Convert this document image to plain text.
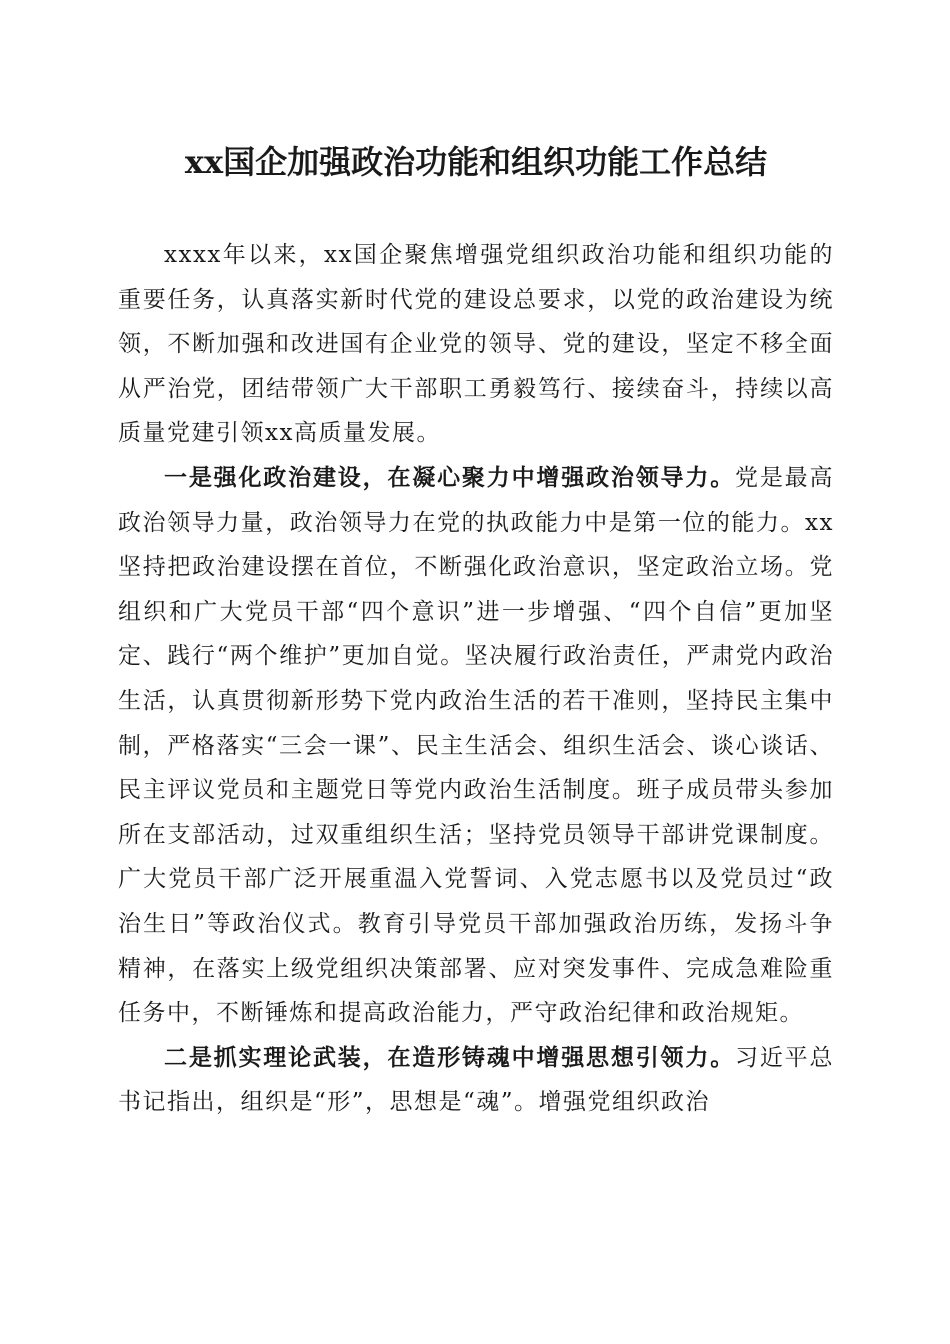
xx国企加强政治功能和组织功能工作总结

xxxx年以来，xx国企聚焦增强党组织政治功能和组织功能的重要任务，认真落实新时代党的建设总要求，以党的政治建设为统领，不断加强和改进国有企业党的领导、党的建设，坚定不移全面从严治党，团结带领广大干部职工勇毅笃行、接续奋斗，持续以高质量党建引领xx高质量发展。

一是强化政治建设，在凝心聚力中增强政治领导力。党是最高政治领导力量，政治领导力在党的执政能力中是第一位的能力。xx坚持把政治建设摆在首位，不断强化政治意识，坚定政治立场。党组织和广大党员干部“四个意识”进一步增强、“四个自信”更加坚定、践行“两个维护”更加自觉。坚决履行政治责任，严肃党内政治生活，认真贯彻新形势下党内政治生活的若干准则，坚持民主集中制，严格落实“三会一课”、民主生活会、组织生活会、谈心谈话、民主评议党员和主题党日等党内政治生活制度。班子成员带头参加所在支部活动，过双重组织生活；坚持党员领导干部讲党课制度。广大党员干部广泛开展重温入党誓词、入党志愿书以及党员过“政治生日”等政治仪式。教育引导党员干部加强政治历练，发扬斗争精神，在落实上级党组织决策部署、应对突发事件、完成急难险重任务中，不断锤炼和提高政治能力，严守政治纪律和政治规矩。

二是抓实理论武装，在造形铸魂中增强思想引领力。习近平总书记指出，组织是“形”，思想是“魂”。增强党组织政治
